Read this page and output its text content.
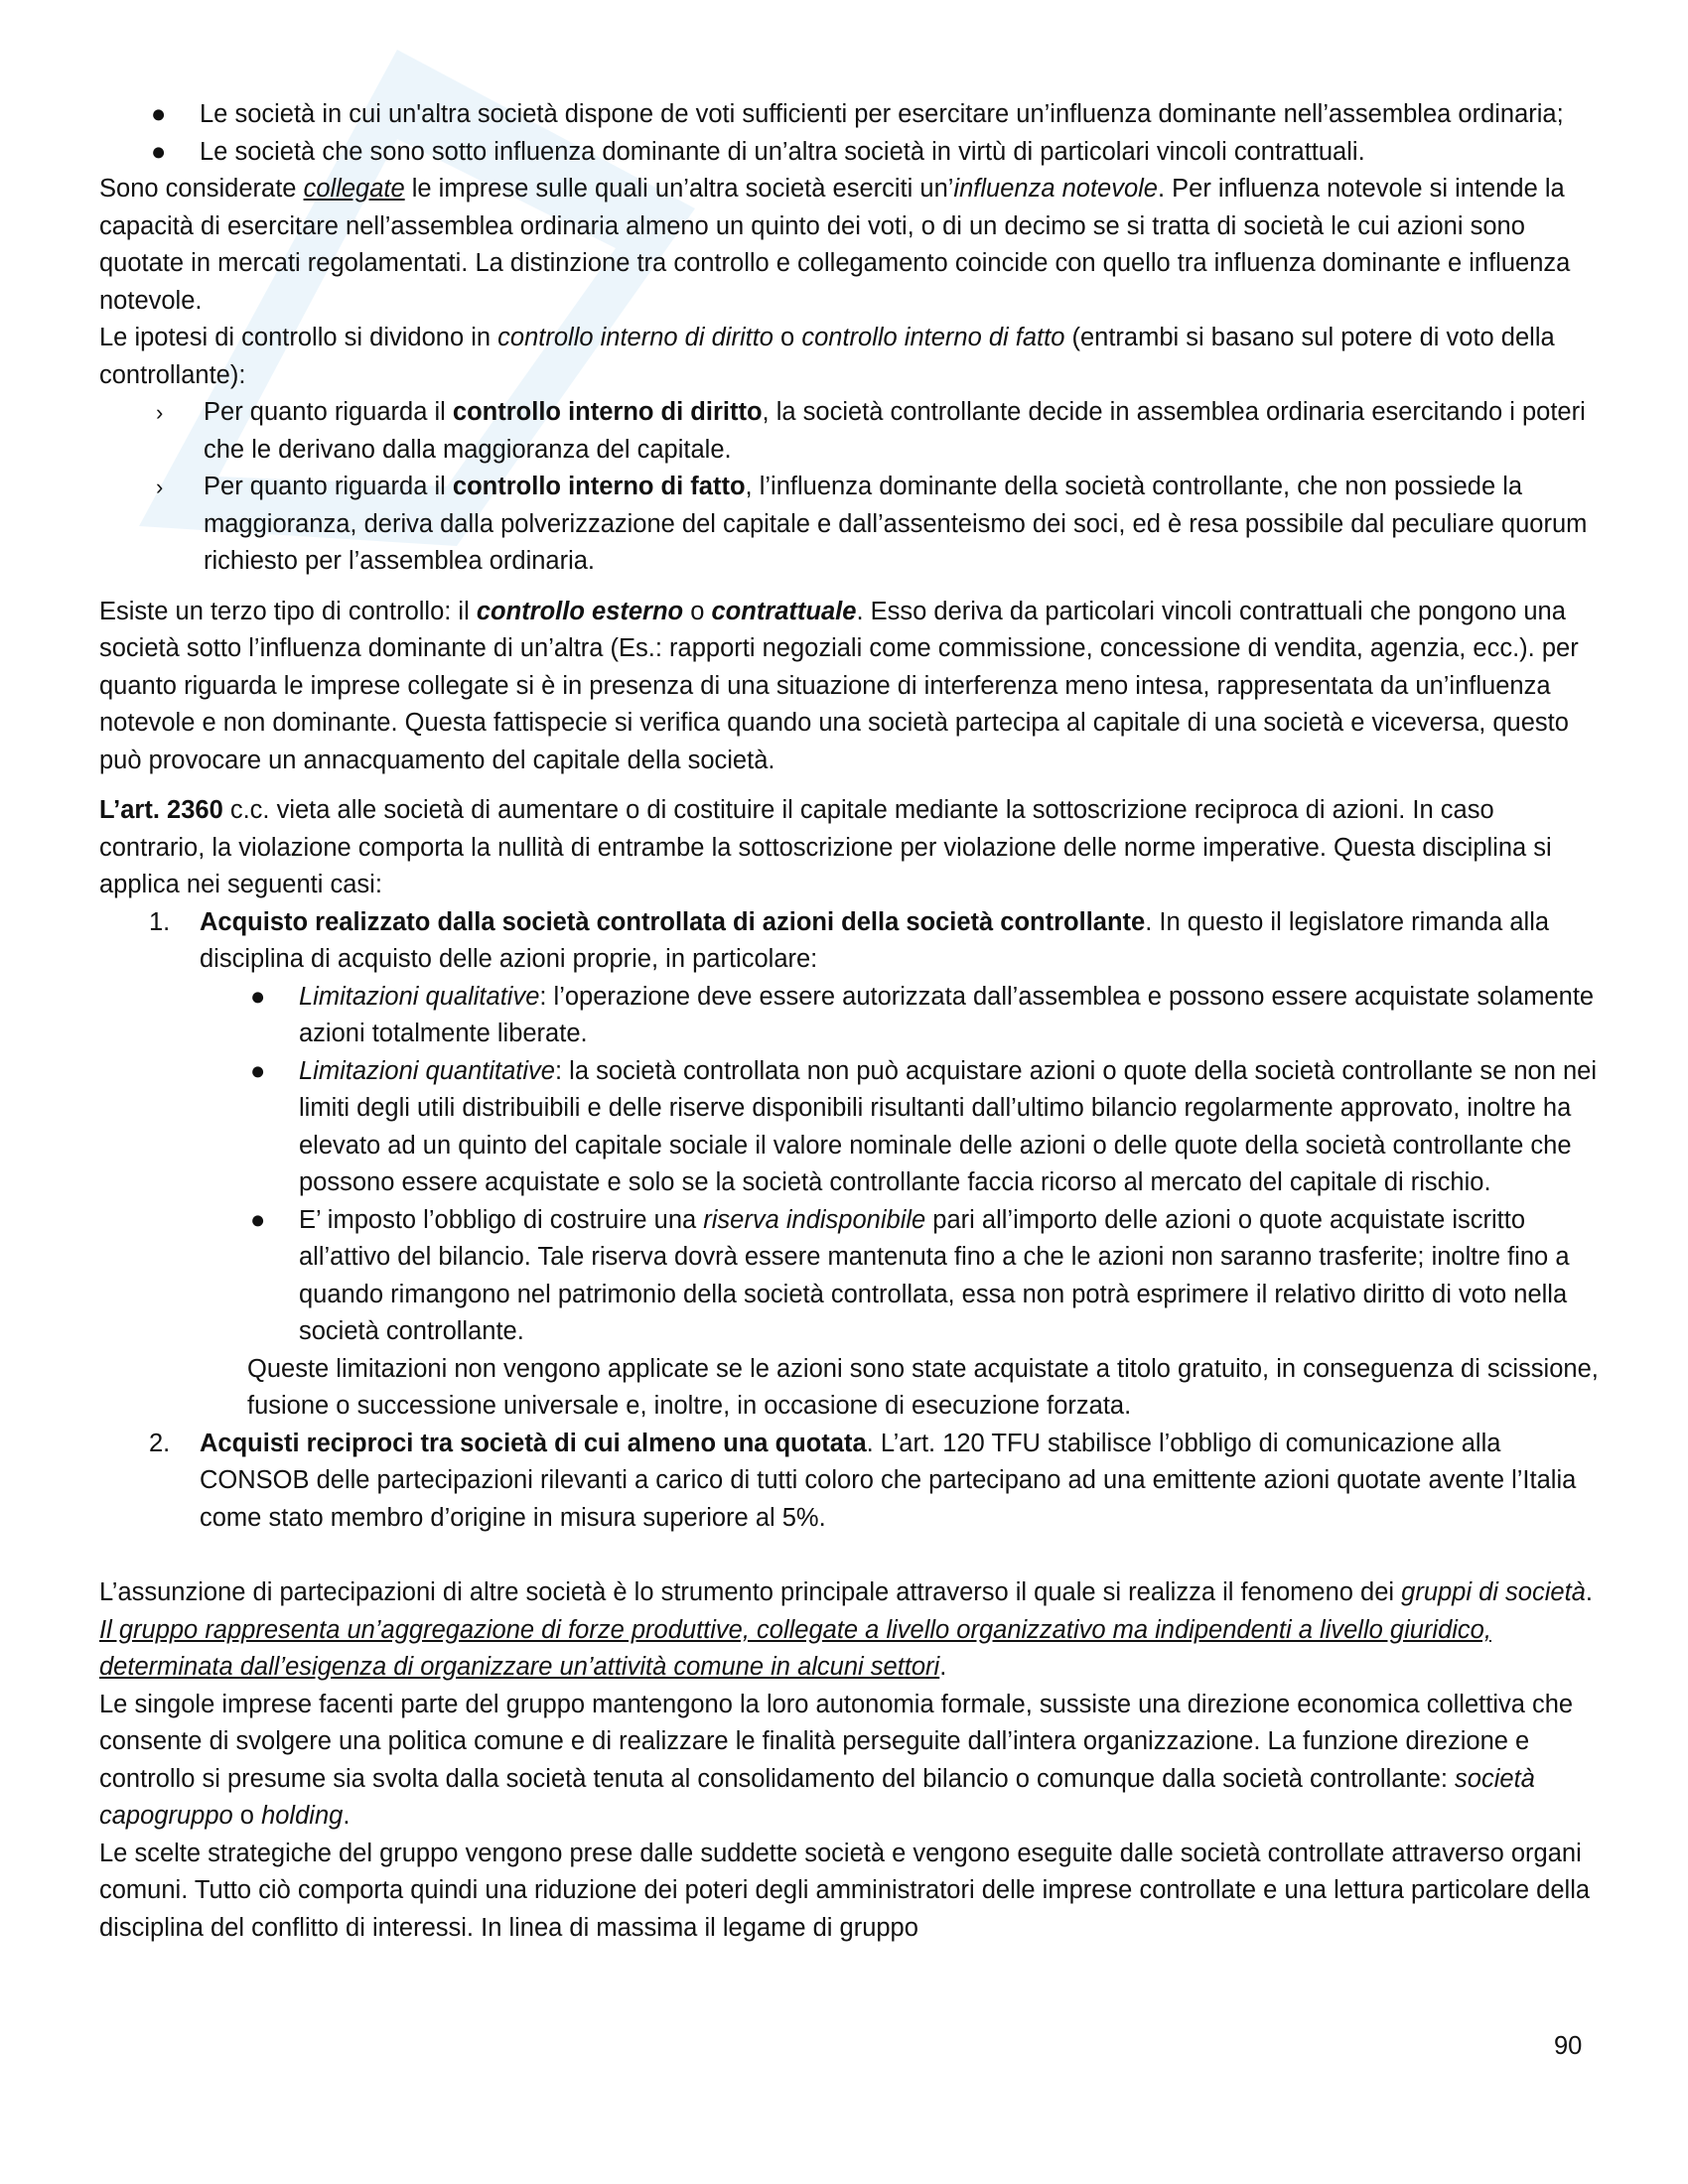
● Le società in cui un'altra società dispone de voti sufficienti per esercitare un’influenza dominante nell’assemblea ordinaria;
● Le società che sono sotto influenza dominante di un’altra società in virtù di particolari vincoli contrattuali.

Sono considerate collegate le imprese sulle quali un’altra società eserciti un’influenza notevole. Per influenza notevole si intende la capacità di esercitare nell’assemblea ordinaria almeno un quinto dei voti, o di un decimo se si tratta di società le cui azioni sono quotate in mercati regolamentati. La distinzione tra controllo e collegamento coincide con quello tra influenza dominante e influenza notevole.

Le ipotesi di controllo si dividono in controllo interno di diritto o controllo interno di fatto (entrambi si basano sul potere di voto della controllante):

› Per quanto riguarda il controllo interno di diritto, la società controllante decide in assemblea ordinaria esercitando i poteri che le derivano dalla maggioranza del capitale.
› Per quanto riguarda il controllo interno di fatto, l’influenza dominante della società controllante, che non possiede la maggioranza, deriva dalla polverizzazione del capitale e dall’assenteismo dei soci, ed è resa possibile dal peculiare quorum richiesto per l’assemblea ordinaria.

Esiste un terzo tipo di controllo: il controllo esterno o contrattuale. Esso deriva da particolari vincoli contrattuali che pongono una società sotto l’influenza dominante di un’altra (Es.: rapporti negoziali come commissione, concessione di vendita, agenzia, ecc.). per quanto riguarda le imprese collegate si è in presenza di una situazione di interferenza meno intesa, rappresentata da un’influenza notevole e non dominante. Questa fattispecie si verifica quando una società partecipa al capitale di una società e viceversa, questo può provocare un annacquamento del capitale della società.

L’art. 2360 c.c. vieta alle società di aumentare o di costituire il capitale mediante la sottoscrizione reciproca di azioni. In caso contrario, la violazione comporta la nullità di entrambe la sottoscrizione per violazione delle norme imperative. Questa disciplina si applica nei seguenti casi:

1. Acquisto realizzato dalla società controllata di azioni della società controllante. In questo il legislatore rimanda alla disciplina di acquisto delle azioni proprie, in particolare:
● Limitazioni qualitative: l’operazione deve essere autorizzata dall’assemblea e possono essere acquistate solamente azioni totalmente liberate.
● Limitazioni quantitative: la società controllata non può acquistare azioni o quote della società controllante se non nei limiti degli utili distribuibili e delle riserve disponibili risultanti dall’ultimo bilancio regolarmente approvato, inoltre ha elevato ad un quinto del capitale sociale il valore nominale delle azioni o delle quote della società controllante che possono essere acquistate e solo se la società controllante faccia ricorso al mercato del capitale di rischio.
● E’ imposto l’obbligo di costruire una riserva indisponibile pari all’importo delle azioni o quote acquistate iscritto all’attivo del bilancio. Tale riserva dovrà essere mantenuta fino a che le azioni non saranno trasferite; inoltre fino a quando rimangono nel patrimonio della società controllata, essa non potrà esprimere il relativo diritto di voto nella società controllante.

Queste limitazioni non vengono applicate se le azioni sono state acquistate a titolo gratuito, in conseguenza di scissione, fusione o successione universale e, inoltre, in occasione di esecuzione forzata.

2. Acquisti reciproci tra società di cui almeno una quotata. L’art. 120 TFU stabilisce l’obbligo di comunicazione alla CONSOB delle partecipazioni rilevanti a carico di tutti coloro che partecipano ad una emittente azioni quotate avente l’Italia come stato membro d’origine in misura superiore al 5%.

L’assunzione di partecipazioni di altre società è lo strumento principale attraverso il quale si realizza il fenomeno dei gruppi di società. Il gruppo rappresenta un’aggregazione di forze produttive, collegate a livello organizzativo ma indipendenti a livello giuridico, determinata dall’esigenza di organizzare un’attività comune in alcuni settori.

Le singole imprese facenti parte del gruppo mantengono la loro autonomia formale, sussiste una direzione economica collettiva che consente di svolgere una politica comune e di realizzare le finalità perseguite dall’intera organizzazione. La funzione direzione e controllo si presume sia svolta dalla società tenuta al consolidamento del bilancio o comunque dalla società controllante: società capogruppo o holding.

Le scelte strategiche del gruppo vengono prese dalle suddette società e vengono eseguite dalle società controllate attraverso organi comuni. Tutto ciò comporta quindi una riduzione dei poteri degli amministratori delle imprese controllate e una lettura particolare della disciplina del conflitto di interessi. In linea di massima il legame di gruppo

90
